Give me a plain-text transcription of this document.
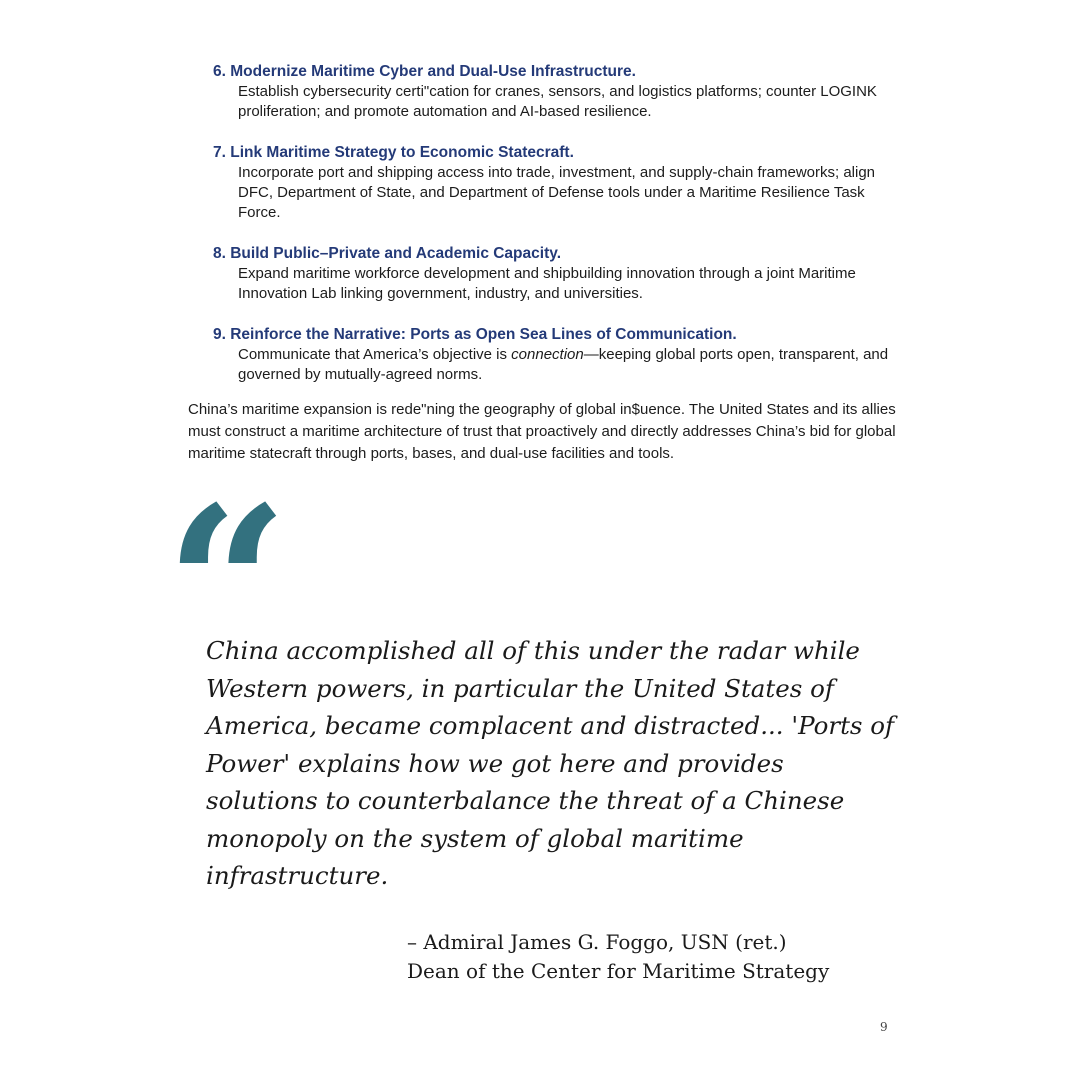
6. Modernize Maritime Cyber and Dual-Use Infrastructure.
Establish cybersecurity certi"cation for cranes, sensors, and logistics platforms; counter LOGINK proliferation; and promote automation and AI-based resilience.
7. Link Maritime Strategy to Economic Statecraft.
Incorporate port and shipping access into trade, investment, and supply-chain frameworks; align DFC, Department of State, and Department of Defense tools under a Maritime Resilience Task Force.
8. Build Public–Private and Academic Capacity.
Expand maritime workforce development and shipbuilding innovation through a joint Maritime Innovation Lab linking government, industry, and universities.
9. Reinforce the Narrative: Ports as Open Sea Lines of Communication.
Communicate that America’s objective is connection—keeping global ports open, transparent, and governed by mutually-agreed norms.

China’s maritime expansion is rede"ning the geography of global in$uence. The United States and its allies must construct a maritime architecture of trust that proactively and directly addresses China’s bid for global maritime statecraft through ports, bases, and dual-use facilities and tools.

“

China accomplished all of this under the radar while Western powers, in particular the United States of America, became complacent and distracted... 'Ports of Power' explains how we got here and provides solutions to counterbalance the threat of a Chinese monopoly on the system of global maritime infrastructure.

– Admiral James G. Foggo, USN (ret.)
Dean of the Center for Maritime Strategy
9
